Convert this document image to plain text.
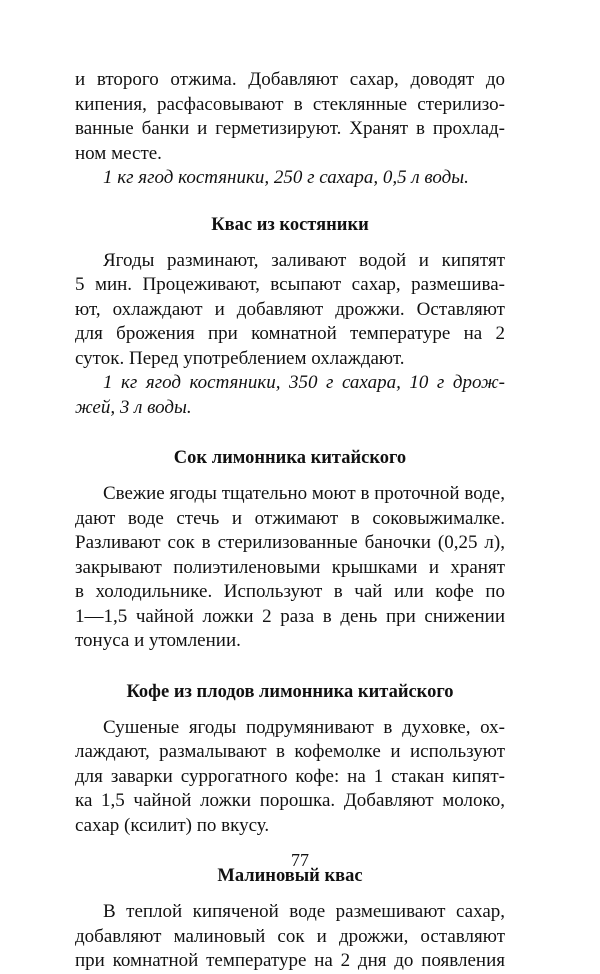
и второго отжима. Добавляют сахар, доводят до
кипения, расфасовывают в стеклянные стерилизо-
ванные банки и герметизируют. Хранят в прохлад-
ном месте.

1 кг ягод костяники, 250 г сахара, 0,5 л воды.

Квас из костяники

Ягоды разминают, заливают водой и кипятят
5 мин. Процеживают, всыпают сахар, размешива-
ют, охлаждают и добавляют дрожжи. Оставляют
для брожения при комнатной температуре на 2
суток. Перед употреблением охлаждают.

1 кг ягод костяники, 350 г сахара, 10 г дрож-
жей, 3 л воды.

Сок лимонника китайского

Свежие ягоды тщательно моют в проточной воде,
дают воде стечь и отжимают в соковыжималке.
Разливают сок в стерилизованные баночки (0,25 л),
закрывают полиэтиленовыми крышками и хранят
в холодильнике. Используют в чай или кофе по
1—1,5 чайной ложки 2 раза в день при снижении
тонуса и утомлении.

Кофе из плодов лимонника китайского

Сушеные ягоды подрумянивают в духовке, ох-
лаждают, размалывают в кофемолке и используют
для заварки суррогатного кофе: на 1 стакан кипят-
ка 1,5 чайной ложки порошка. Добавляют молоко,
сахар (ксилит) по вкусу.

Малиновый квас

В теплой кипяченой воде размешивают сахар,
добавляют малиновый сок и дрожжи, оставляют
при комнатной температуре на 2 дня до появления

77
